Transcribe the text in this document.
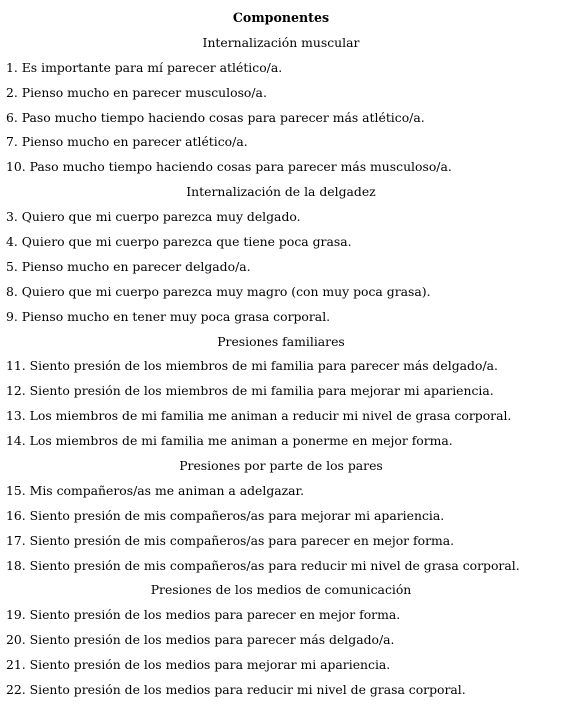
Componentes
Internalización muscular
1. Es importante para mí parecer atlético/a.
2. Pienso mucho en parecer musculoso/a.
6. Paso mucho tiempo haciendo cosas para parecer más atlético/a.
7. Pienso mucho en parecer atlético/a.
10. Paso mucho tiempo haciendo cosas para parecer más musculoso/a.
Internalización de la delgadez
3. Quiero que mi cuerpo parezca muy delgado.
4. Quiero que mi cuerpo parezca que tiene poca grasa.
5. Pienso mucho en parecer delgado/a.
8. Quiero que mi cuerpo parezca muy magro (con muy poca grasa).
9. Pienso mucho en tener muy poca grasa corporal.
Presiones familiares
11. Siento presión de los miembros de mi familia para parecer más delgado/a.
12. Siento presión de los miembros de mi familia para mejorar mi apariencia.
13. Los miembros de mi familia me animan a reducir mi nivel de grasa corporal.
14. Los miembros de mi familia me animan a ponerme en mejor forma.
Presiones por parte de los pares
15. Mis compañeros/as me animan a adelgazar.
16. Siento presión de mis compañeros/as para mejorar mi apariencia.
17. Siento presión de mis compañeros/as para parecer en mejor forma.
18. Siento presión de mis compañeros/as para reducir mi nivel de grasa corporal.
Presiones de los medios de comunicación
19. Siento presión de los medios para parecer en mejor forma.
20. Siento presión de los medios para parecer más delgado/a.
21. Siento presión de los medios para mejorar mi apariencia.
22. Siento presión de los medios para reducir mi nivel de grasa corporal.
